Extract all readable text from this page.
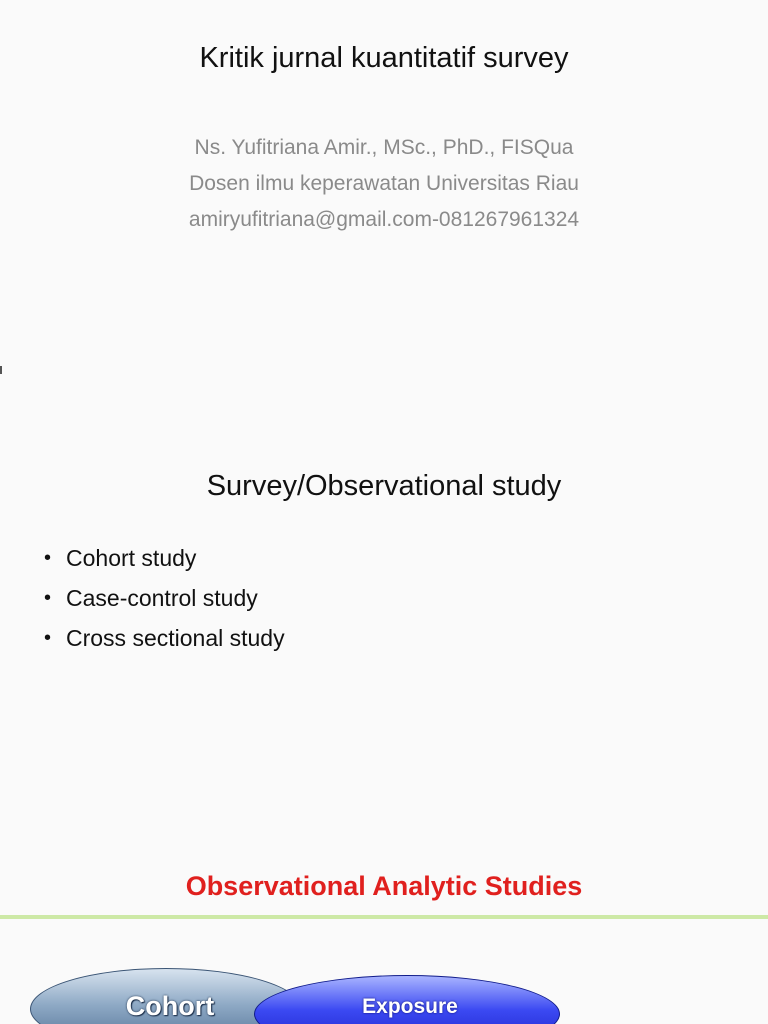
Kritik jurnal kuantitatif survey
Ns. Yufitriana Amir., MSc., PhD., FISQua
Dosen ilmu keperawatan Universitas Riau
amiryufitriana@gmail.com-081267961324
Survey/Observational study
• Cohort study
• Case-control study
• Cross sectional study
Observational Analytic Studies
Cohort	Exposure
